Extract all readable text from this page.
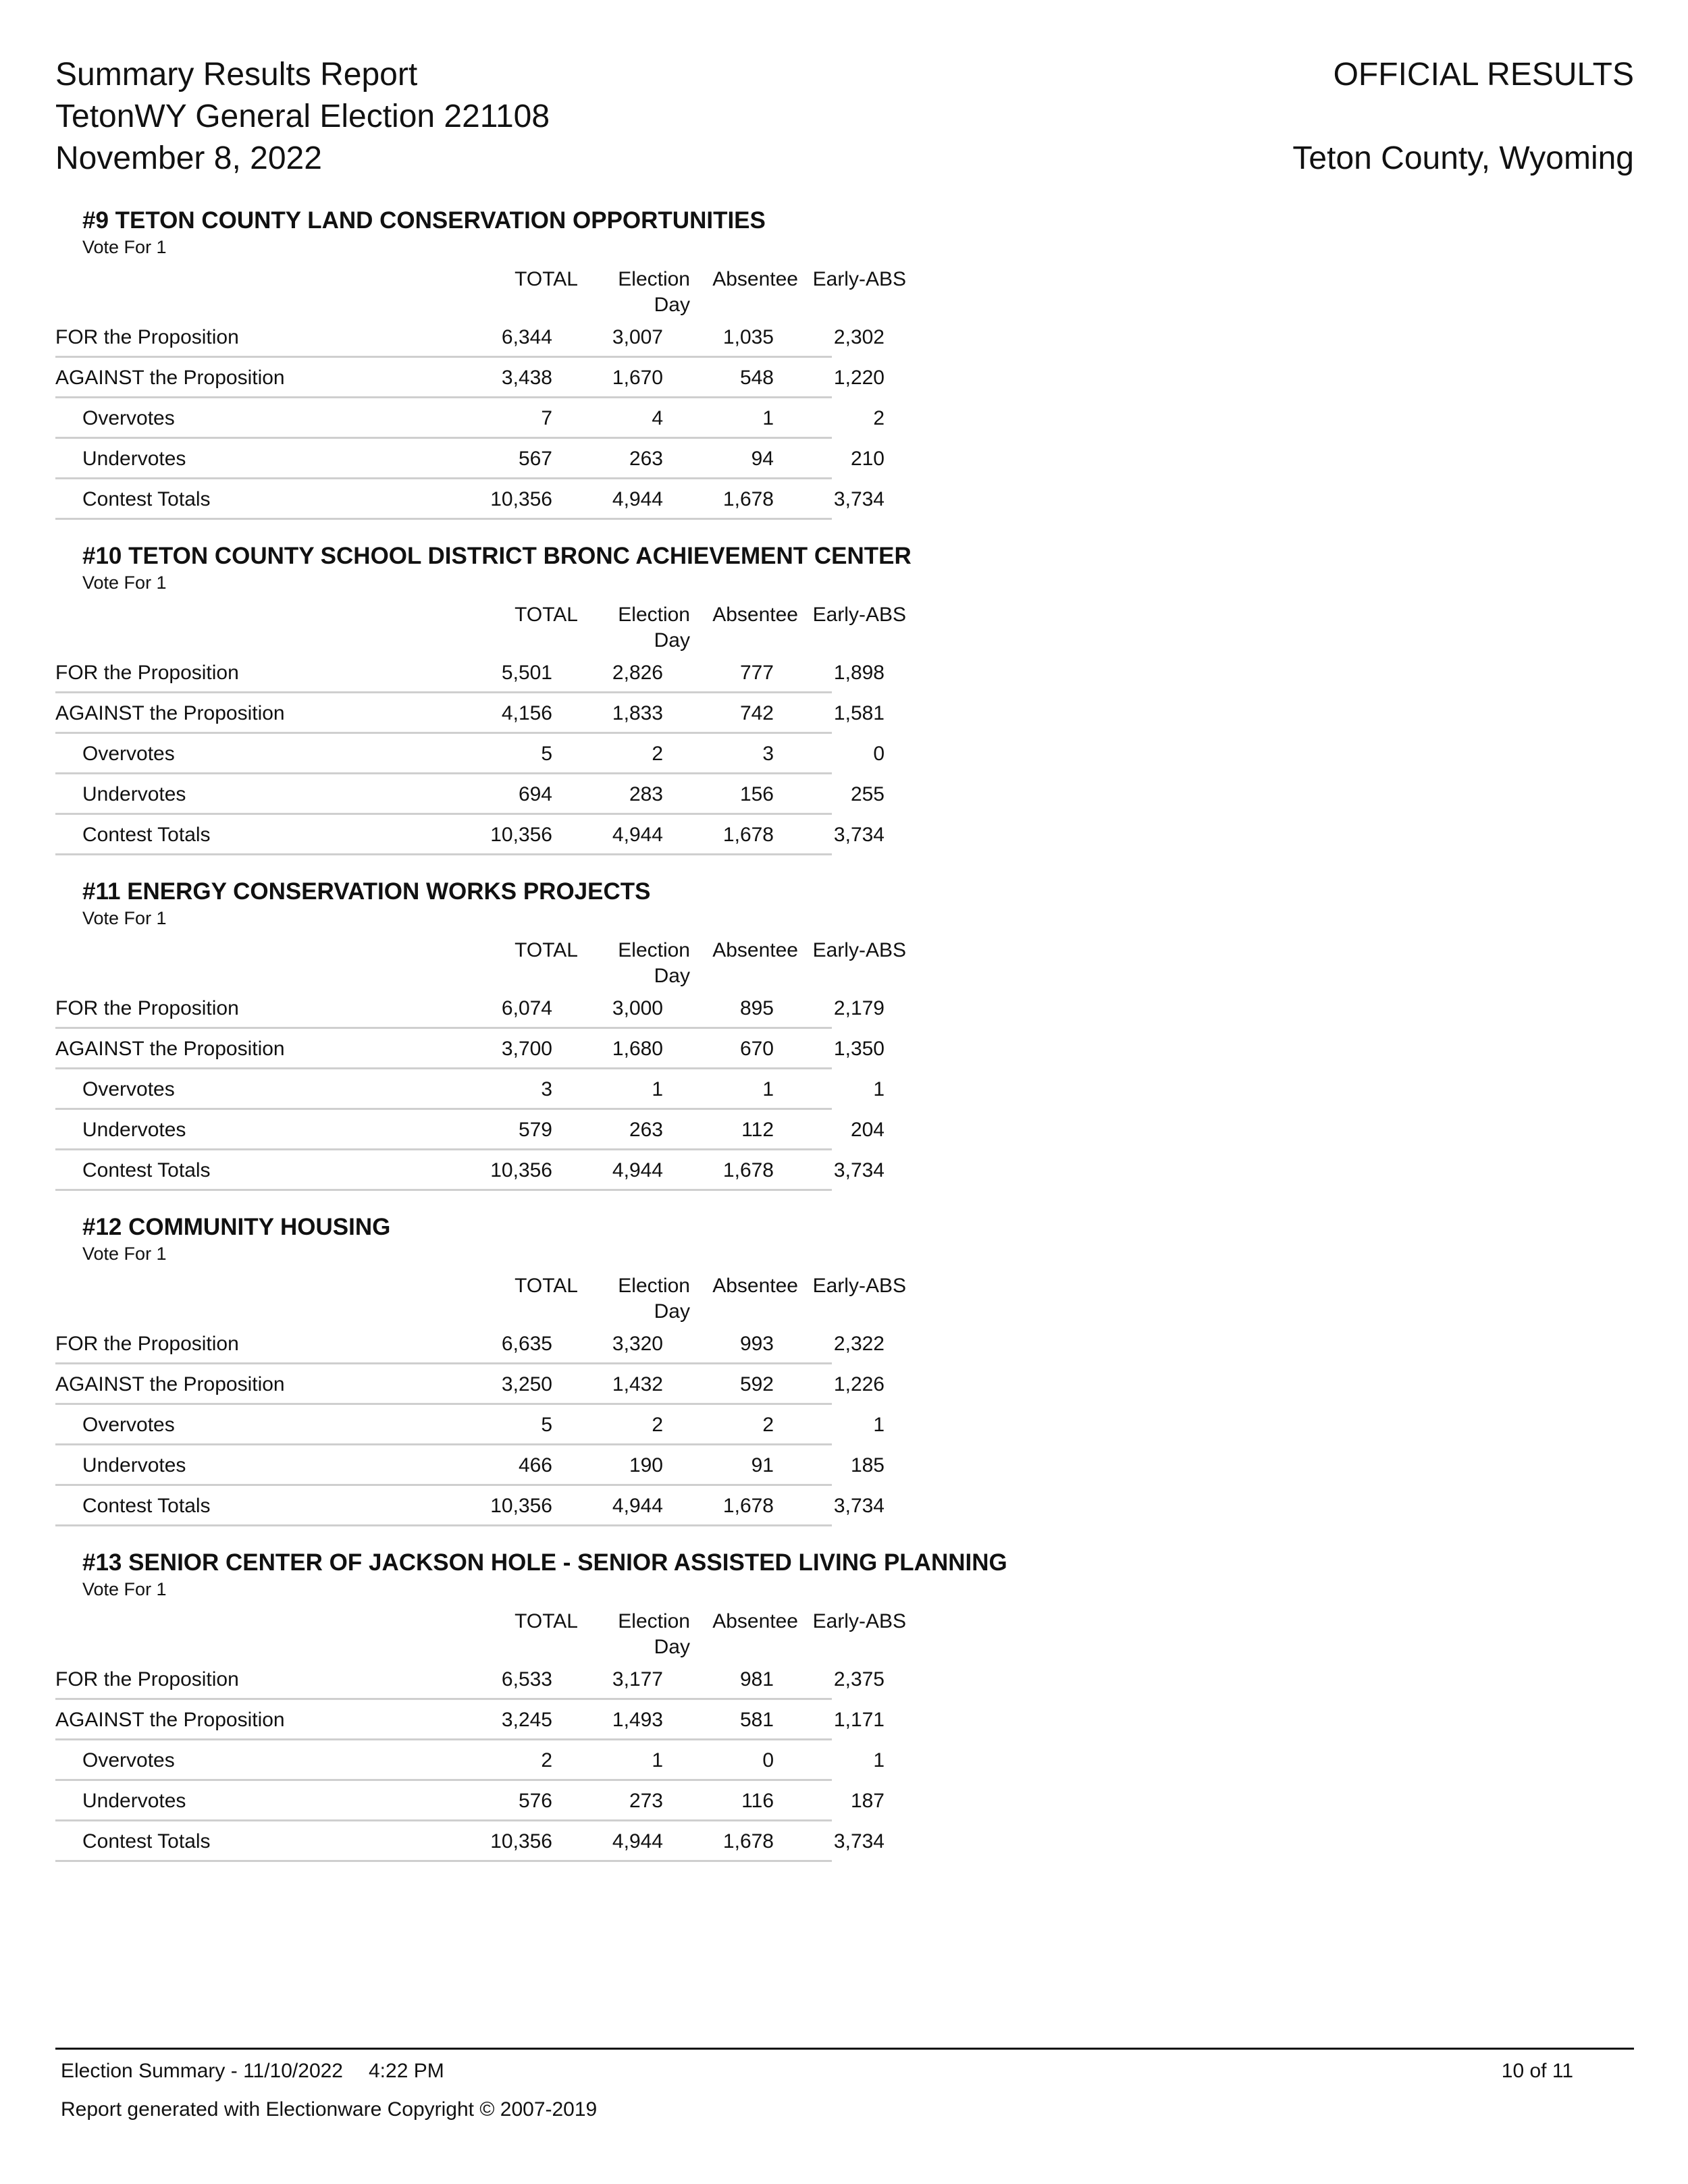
Summary Results Report
TetonWY General Election 221108
November 8, 2022
OFFICIAL RESULTS
Teton County, Wyoming
#9 TETON COUNTY LAND CONSERVATION OPPORTUNITIES
Vote For 1
TOTAL	Election
Day
Absentee Early-ABS
FOR the Proposition	6,344	3,007	1,035	2,302
AGAINST the Proposition	3,438	1,670	548	1,220
Overvotes	7	4	1	2
Undervotes	567	263	94	210
Contest Totals	10,356	4,944	1,678	3,734
#10 TETON COUNTY SCHOOL DISTRICT BRONC ACHIEVEMENT CENTER
Vote For 1
TOTAL	Election
Day
Absentee Early-ABS
FOR the Proposition	5,501	2,826	777	1,898
AGAINST the Proposition	4,156	1,833	742	1,581
Overvotes	5	2	3	0
Undervotes	694	283	156	255
Contest Totals	10,356	4,944	1,678	3,734
#11 ENERGY CONSERVATION WORKS PROJECTS
Vote For 1
TOTAL	Election
Day
Absentee Early-ABS
FOR the Proposition	6,074	3,000	895	2,179
AGAINST the Proposition	3,700	1,680	670	1,350
Overvotes	3	1	1	1
Undervotes	579	263	112	204
Contest Totals	10,356	4,944	1,678	3,734
#12 COMMUNITY HOUSING
Vote For 1
TOTAL	Election
Day
Absentee Early-ABS
FOR the Proposition	6,635	3,320	993	2,322
AGAINST the Proposition	3,250	1,432	592	1,226
Overvotes	5	2	2	1
Undervotes	466	190	91	185
Contest Totals	10,356	4,944	1,678	3,734
#13 SENIOR CENTER OF JACKSON HOLE - SENIOR ASSISTED LIVING PLANNING
Vote For 1
TOTAL	Election
Day
Absentee Early-ABS
FOR the Proposition	6,533	3,177	981	2,375
AGAINST the Proposition	3,245	1,493	581	1,171
Overvotes	2	1	0	1
Undervotes	576	273	116	187
Contest Totals	10,356	4,944	1,678	3,734
Election Summary - 11/10/2022 4:22 PM	10 of 11
Report generated with Electionware Copyright © 2007-2019
